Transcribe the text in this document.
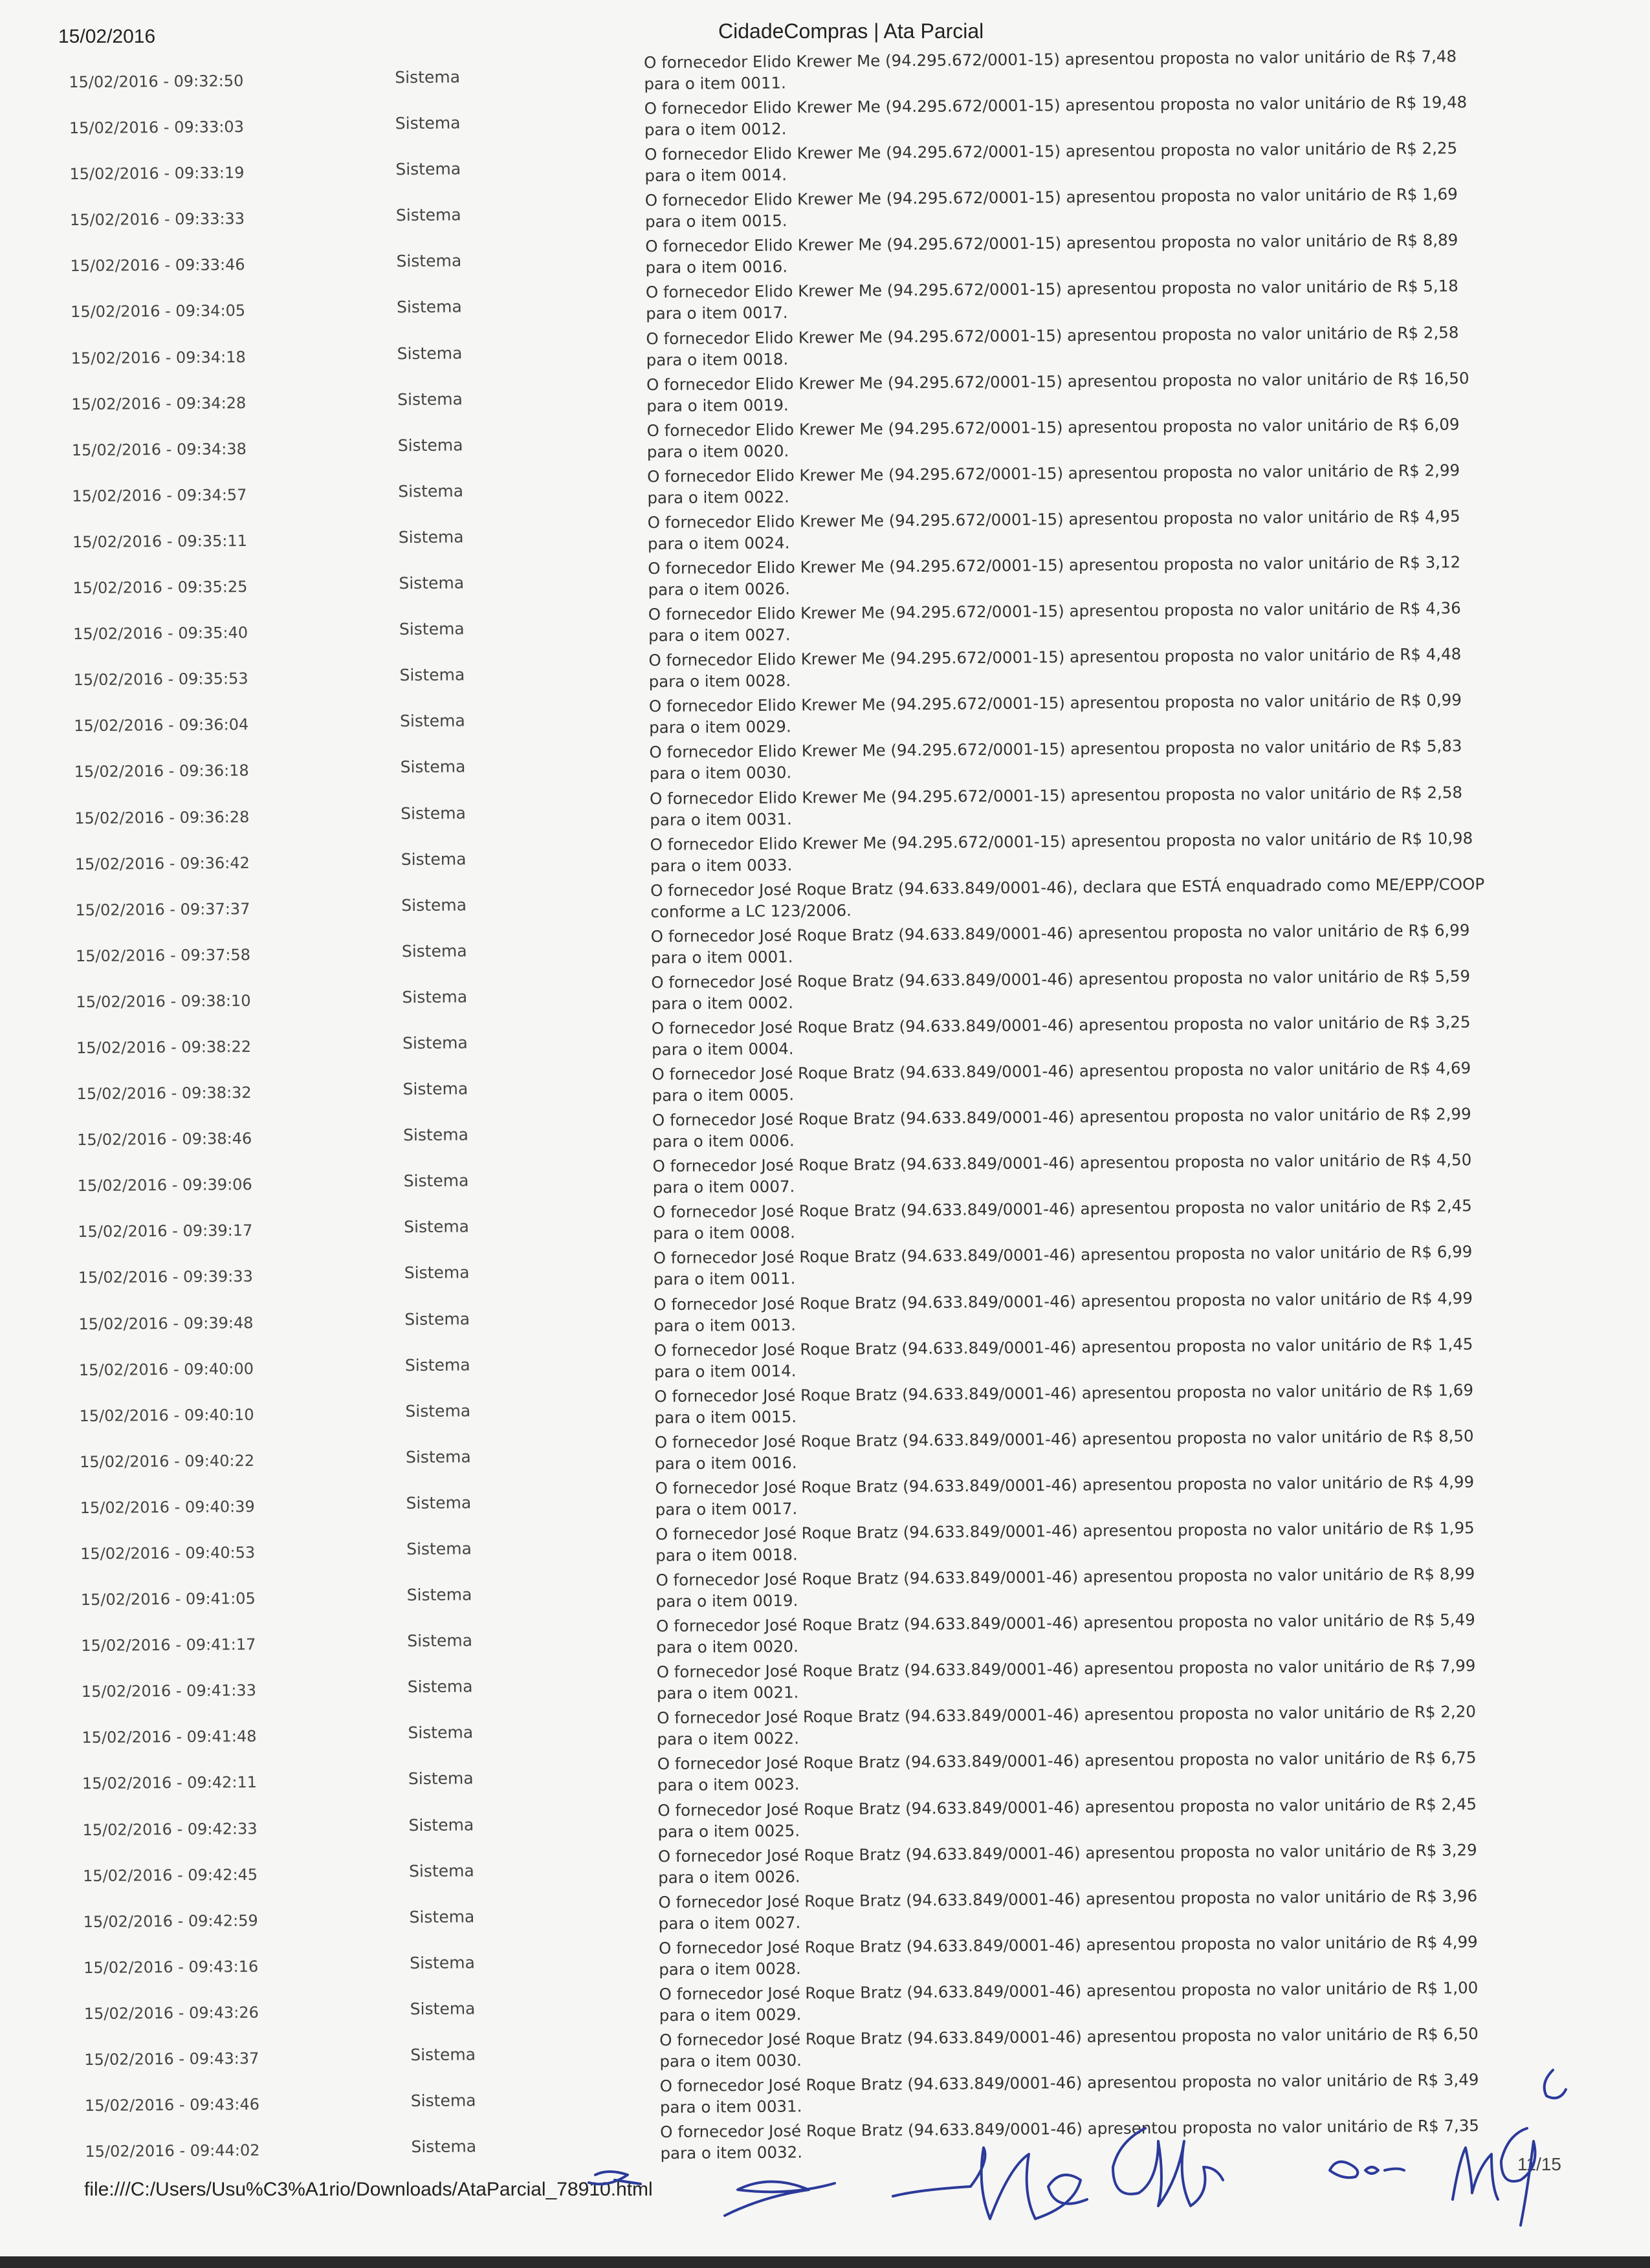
15/02/2016	CidadeCompras | Ata Parcial
15/02/2016 - 09:32:50	Sistema
O fornecedor Elido Krewer Me (94.295.672/0001-15) apresentou proposta no valor unitário de R$ 7,48
para o item 0011.
15/02/2016 - 09:33:03	Sistema
O fornecedor Elido Krewer Me (94.295.672/0001-15) apresentou proposta no valor unitário de R$ 19,48
para o item 0012.
15/02/2016 - 09:33:19	Sistema
O fornecedor Elido Krewer Me (94.295.672/0001-15) apresentou proposta no valor unitário de R$ 2,25
para o item 0014.
15/02/2016 - 09:33:33	Sistema
O fornecedor Elido Krewer Me (94.295.672/0001-15) apresentou proposta no valor unitário de R$ 1,69
para o item 0015.
15/02/2016 - 09:33:46	Sistema
O fornecedor Elido Krewer Me (94.295.672/0001-15) apresentou proposta no valor unitário de R$ 8,89
para o item 0016.
15/02/2016 - 09:34:05	Sistema
O fornecedor Elido Krewer Me (94.295.672/0001-15) apresentou proposta no valor unitário de R$ 5,18
para o item 0017.
15/02/2016 - 09:34:18	Sistema
O fornecedor Elido Krewer Me (94.295.672/0001-15) apresentou proposta no valor unitário de R$ 2,58
para o item 0018.
15/02/2016 - 09:34:28	Sistema
O fornecedor Elido Krewer Me (94.295.672/0001-15) apresentou proposta no valor unitário de R$ 16,50
para o item 0019.
15/02/2016 - 09:34:38	Sistema
O fornecedor Elido Krewer Me (94.295.672/0001-15) apresentou proposta no valor unitário de R$ 6,09
para o item 0020.
15/02/2016 - 09:34:57	Sistema
O fornecedor Elido Krewer Me (94.295.672/0001-15) apresentou proposta no valor unitário de R$ 2,99
para o item 0022.
15/02/2016 - 09:35:11	Sistema
O fornecedor Elido Krewer Me (94.295.672/0001-15) apresentou proposta no valor unitário de R$ 4,95
para o item 0024.
15/02/2016 - 09:35:25	Sistema
O fornecedor Elido Krewer Me (94.295.672/0001-15) apresentou proposta no valor unitário de R$ 3,12
para o item 0026.
15/02/2016 - 09:35:40	Sistema
O fornecedor Elido Krewer Me (94.295.672/0001-15) apresentou proposta no valor unitário de R$ 4,36
para o item 0027.
15/02/2016 - 09:35:53	Sistema
O fornecedor Elido Krewer Me (94.295.672/0001-15) apresentou proposta no valor unitário de R$ 4,48
para o item 0028.
15/02/2016 - 09:36:04	Sistema
O fornecedor Elido Krewer Me (94.295.672/0001-15) apresentou proposta no valor unitário de R$ 0,99
para o item 0029.
15/02/2016 - 09:36:18	Sistema
O fornecedor Elido Krewer Me (94.295.672/0001-15) apresentou proposta no valor unitário de R$ 5,83
para o item 0030.
15/02/2016 - 09:36:28	Sistema
O fornecedor Elido Krewer Me (94.295.672/0001-15) apresentou proposta no valor unitário de R$ 2,58
para o item 0031.
15/02/2016 - 09:36:42	Sistema
O fornecedor Elido Krewer Me (94.295.672/0001-15) apresentou proposta no valor unitário de R$ 10,98
para o item 0033.
15/02/2016 - 09:37:37	Sistema
O fornecedor José Roque Bratz (94.633.849/0001-46), declara que ESTÁ enquadrado como ME/EPP/COOP
conforme a LC 123/2006.
15/02/2016 - 09:37:58	Sistema
O fornecedor José Roque Bratz (94.633.849/0001-46) apresentou proposta no valor unitário de R$ 6,99
para o item 0001.
15/02/2016 - 09:38:10	Sistema
O fornecedor José Roque Bratz (94.633.849/0001-46) apresentou proposta no valor unitário de R$ 5,59
para o item 0002.
15/02/2016 - 09:38:22	Sistema
O fornecedor José Roque Bratz (94.633.849/0001-46) apresentou proposta no valor unitário de R$ 3,25
para o item 0004.
15/02/2016 - 09:38:32	Sistema
O fornecedor José Roque Bratz (94.633.849/0001-46) apresentou proposta no valor unitário de R$ 4,69
para o item 0005.
15/02/2016 - 09:38:46	Sistema
O fornecedor José Roque Bratz (94.633.849/0001-46) apresentou proposta no valor unitário de R$ 2,99
para o item 0006.
15/02/2016 - 09:39:06	Sistema
O fornecedor José Roque Bratz (94.633.849/0001-46) apresentou proposta no valor unitário de R$ 4,50
para o item 0007.
15/02/2016 - 09:39:17	Sistema
O fornecedor José Roque Bratz (94.633.849/0001-46) apresentou proposta no valor unitário de R$ 2,45
para o item 0008.
15/02/2016 - 09:39:33	Sistema
O fornecedor José Roque Bratz (94.633.849/0001-46) apresentou proposta no valor unitário de R$ 6,99
para o item 0011.
15/02/2016 - 09:39:48	Sistema
O fornecedor José Roque Bratz (94.633.849/0001-46) apresentou proposta no valor unitário de R$ 4,99
para o item 0013.
15/02/2016 - 09:40:00	Sistema
O fornecedor José Roque Bratz (94.633.849/0001-46) apresentou proposta no valor unitário de R$ 1,45
para o item 0014.
15/02/2016 - 09:40:10	Sistema
O fornecedor José Roque Bratz (94.633.849/0001-46) apresentou proposta no valor unitário de R$ 1,69
para o item 0015.
15/02/2016 - 09:40:22	Sistema
O fornecedor José Roque Bratz (94.633.849/0001-46) apresentou proposta no valor unitário de R$ 8,50
para o item 0016.
15/02/2016 - 09:40:39	Sistema
O fornecedor José Roque Bratz (94.633.849/0001-46) apresentou proposta no valor unitário de R$ 4,99
para o item 0017.
15/02/2016 - 09:40:53	Sistema
O fornecedor José Roque Bratz (94.633.849/0001-46) apresentou proposta no valor unitário de R$ 1,95
para o item 0018.
15/02/2016 - 09:41:05	Sistema
O fornecedor José Roque Bratz (94.633.849/0001-46) apresentou proposta no valor unitário de R$ 8,99
para o item 0019.
15/02/2016 - 09:41:17	Sistema
O fornecedor José Roque Bratz (94.633.849/0001-46) apresentou proposta no valor unitário de R$ 5,49
para o item 0020.
15/02/2016 - 09:41:33	Sistema
O fornecedor José Roque Bratz (94.633.849/0001-46) apresentou proposta no valor unitário de R$ 7,99
para o item 0021.
15/02/2016 - 09:41:48	Sistema
O fornecedor José Roque Bratz (94.633.849/0001-46) apresentou proposta no valor unitário de R$ 2,20
para o item 0022.
15/02/2016 - 09:42:11	Sistema
O fornecedor José Roque Bratz (94.633.849/0001-46) apresentou proposta no valor unitário de R$ 6,75
para o item 0023.
15/02/2016 - 09:42:33	Sistema
O fornecedor José Roque Bratz (94.633.849/0001-46) apresentou proposta no valor unitário de R$ 2,45
para o item 0025.
15/02/2016 - 09:42:45	Sistema
O fornecedor José Roque Bratz (94.633.849/0001-46) apresentou proposta no valor unitário de R$ 3,29
para o item 0026.
15/02/2016 - 09:42:59	Sistema
O fornecedor José Roque Bratz (94.633.849/0001-46) apresentou proposta no valor unitário de R$ 3,96
para o item 0027.
15/02/2016 - 09:43:16	Sistema
O fornecedor José Roque Bratz (94.633.849/0001-46) apresentou proposta no valor unitário de R$ 4,99
para o item 0028.
15/02/2016 - 09:43:26	Sistema
O fornecedor José Roque Bratz (94.633.849/0001-46) apresentou proposta no valor unitário de R$ 1,00
para o item 0029.
15/02/2016 - 09:43:37	Sistema
O fornecedor José Roque Bratz (94.633.849/0001-46) apresentou proposta no valor unitário de R$ 6,50
para o item 0030.
15/02/2016 - 09:43:46	Sistema
O fornecedor José Roque Bratz (94.633.849/0001-46) apresentou proposta no valor unitário de R$ 3,49
para o item 0031.
15/02/2016 - 09:44:02	Sistema
O fornecedor José Roque Bratz (94.633.849/0001-46) apresentou proposta no valor unitário de R$ 7,35
para o item 0032.
file:///C:/Users/Usu%C3%A1rio/Downloads/AtaParcial_78910.html
11/15
